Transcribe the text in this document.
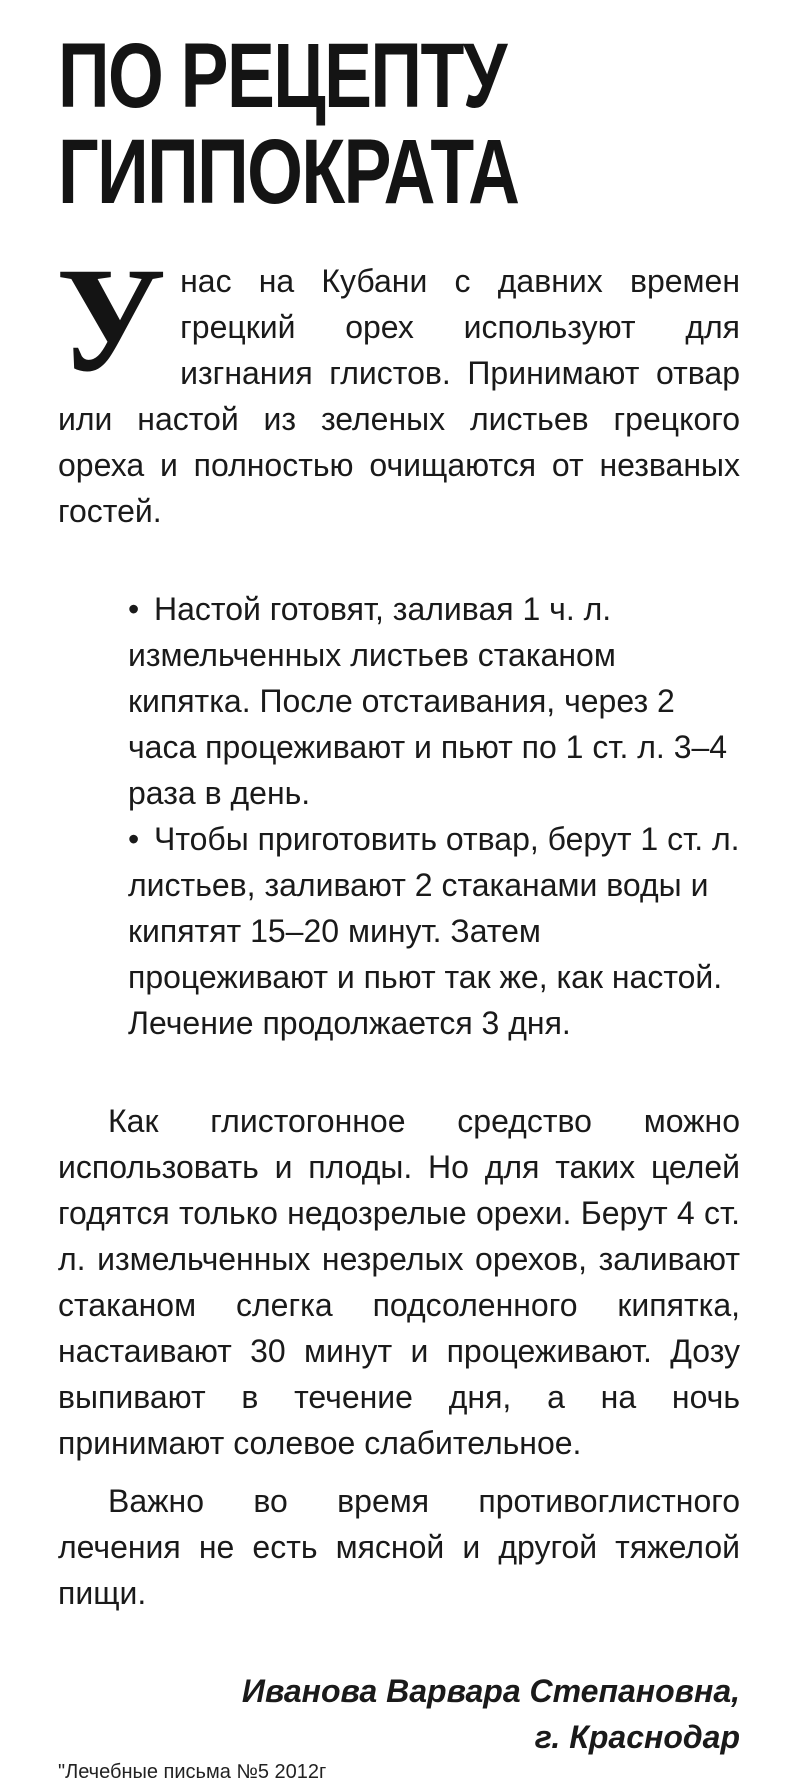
ПО РЕЦЕПТУ
ГИППОКРАТА

У нас на Кубани с давних времен грецкий орех используют для изгнания глистов. Принимают отвар или настой из зеленых листьев грецкого ореха и полностью очищаются от незваных гостей.

• Настой готовят, заливая 1 ч. л. измельченных листьев стаканом кипятка. После отстаивания, через 2 часа процеживают и пьют по 1 ст. л. 3–4 раза в день.
• Чтобы приготовить отвар, берут 1 ст. л. листьев, заливают 2 стаканами воды и кипятят 15–20 минут. Затем процеживают и пьют так же, как настой. Лечение продолжается 3 дня.

Как глистогонное средство можно использовать и плоды. Но для таких целей годятся только недозрелые орехи. Берут 4 ст. л. измельченных незрелых орехов, заливают стаканом слегка подсоленного кипятка, настаивают 30 минут и процеживают. Дозу выпивают в течение дня, а на ночь принимают солевое слабительное.

Важно во время противоглистного лечения не есть мясной и другой тяжелой пищи.

Иванова Варвара Степановна,
г. Краснодар
"Лечебные письма №5 2012г
